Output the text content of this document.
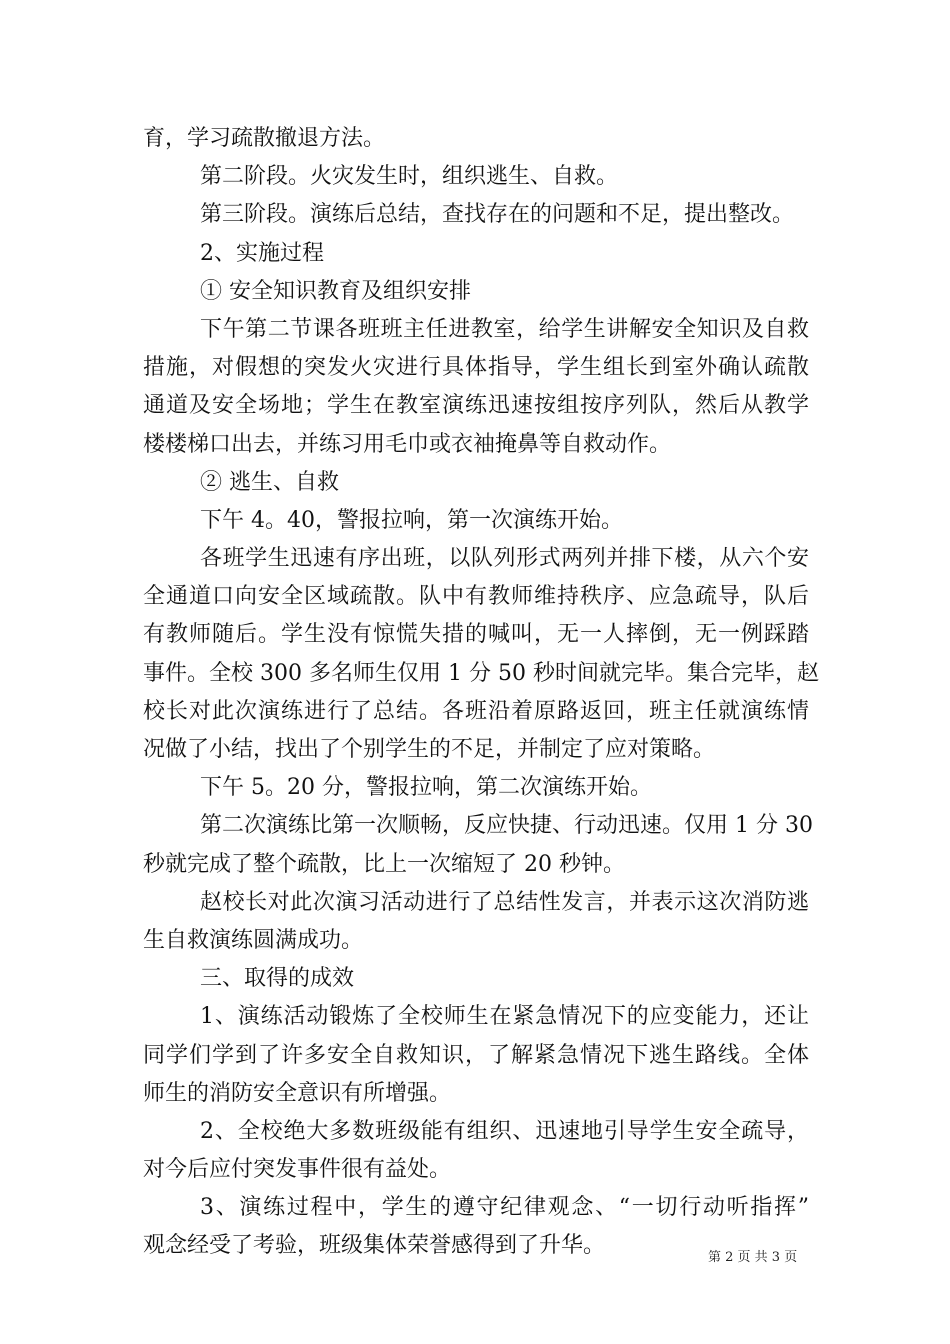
育，学习疏散撤退方法。
第二阶段。火灾发生时，组织逃生、自救。
第三阶段。演练后总结，查找存在的问题和不足，提出整改。
2、实施过程
① 安全知识教育及组织安排
下午第二节课各班班主任进教室，给学生讲解安全知识及自救
措施，对假想的突发火灾进行具体指导，学生组长到室外确认疏散
通道及安全场地；学生在教室演练迅速按组按序列队，然后从教学
楼楼梯口出去，并练习用毛巾或衣袖掩鼻等自救动作。
② 逃生、自救
下午 4。40，警报拉响，第一次演练开始。
各班学生迅速有序出班，以队列形式两列并排下楼，从六个安
全通道口向安全区域疏散。队中有教师维持秩序、应急疏导，队后
有教师随后。学生没有惊慌失措的喊叫，无一人摔倒，无一例踩踏
事件。全校 300 多名师生仅用 1 分 50 秒时间就完毕。集合完毕，赵
校长对此次演练进行了总结。各班沿着原路返回，班主任就演练情
况做了小结，找出了个别学生的不足，并制定了应对策略。
下午 5。20 分，警报拉响，第二次演练开始。
第二次演练比第一次顺畅，反应快捷、行动迅速。仅用 1 分 30
秒就完成了整个疏散，比上一次缩短了 20 秒钟。
赵校长对此次演习活动进行了总结性发言，并表示这次消防逃
生自救演练圆满成功。
三、取得的成效
1、演练活动锻炼了全校师生在紧急情况下的应变能力，还让
同学们学到了许多安全自救知识，了解紧急情况下逃生路线。全体
师生的消防安全意识有所增强。
2、全校绝大多数班级能有组织、迅速地引导学生安全疏导，
对今后应付突发事件很有益处。
3、演练过程中，学生的遵守纪律观念、“一切行动听指挥”
观念经受了考验，班级集体荣誉感得到了升华。	第 2 页 共 3 页
